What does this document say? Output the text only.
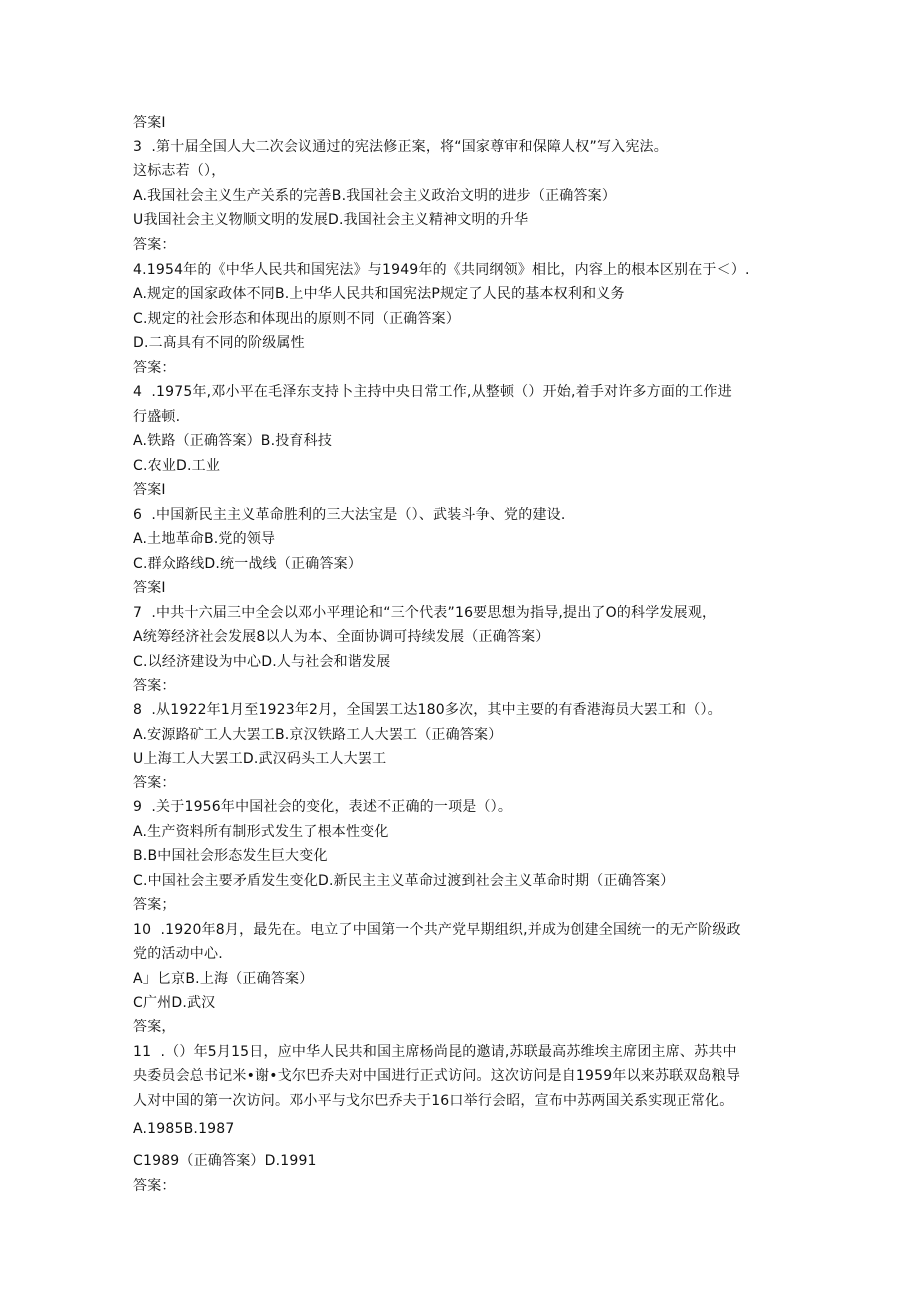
答案I
3  .第十届全国人大二次会议通过的宪法修正案，将“国家尊审和保障人权”写入宪法。
这标志若（），
A.我国社会主义生产关系的完善B.我国社会主义政治文明的进步（正确答案）
U我国社会主义物顺文明的发展D.我国社会主义精神文明的升华
答案：
4.1954年的《中华人民共和国宪法》与1949年的《共同纲领》相比，内容上的根本区别在于＜）.
A.规定的国家政体不同B.上中华人民共和国宪法P规定了人民的基本权利和义务
C.规定的社会形态和体现出的原则不同（正确答案）
D.二髙具有不同的阶级属性
答案：
4  .1975年,邓小平在毛泽东支持卜主持中央日常工作,从整顿（）开始,着手对许多方面的工作进
行盛顿.
A.铁路（正确答案）B.投育科技
C.农业D.工业
答案I
6  .中国新民主主义革命胜利的三大法宝是（）、武装斗争、党的建设.
A.土地革命B.党的领导
C.群众路线D.统一战线（正确答案）
答案I
7  .中共十六届三中全会以邓小平理论和“三个代表”16要思想为指导,提出了O的科学发展观，
A统筹经济社会发展8以人为本、全面协调可持续发展（正确答案）
C.以经济建设为中心D.人与社会和谐发展
答案：
8  .从1922年1月至1923年2月，全国罢工达180多次，其中主要的有香港海员大罢工和（）。
A.安源路矿工人大罢工B.京汉铁路工人大罢工（正确答案）
U上海工人大罢工D.武汉码头工人大罢工
答案：
9  .关于1956年中国社会的变化，表述不正确的一项是（）。
A.生产资料所有制形式发生了根本性变化
B.B中国社会形态发生巨大变化
C.中国社会主要矛盾发生变化D.新民主主义革命过渡到社会主义革命时期（正确答案）
答案；
10  .1920年8月，最先在。电立了中国第一个共产党早期组织,并成为创建全国统一的无产阶级政
党的活动中心.
A」匕京B.上海（正确答案）
C广州D.武汉
答案，
11  .（）年5月15日，应中华人民共和国主席杨尚昆的邀请,苏联最高苏维埃主席团主席、苏共中
央委员会总书记米•谢•戈尔巴乔夫对中国进行正式访问。这次访问是自1959年以来苏联双岛粮导
人对中国的第一次访问。邓小平与戈尔巴乔夫于16口举行会昭，宣布中苏两国关系实现正常化。
A.1985B.1987
C1989（正确答案）D.1991
答案：
